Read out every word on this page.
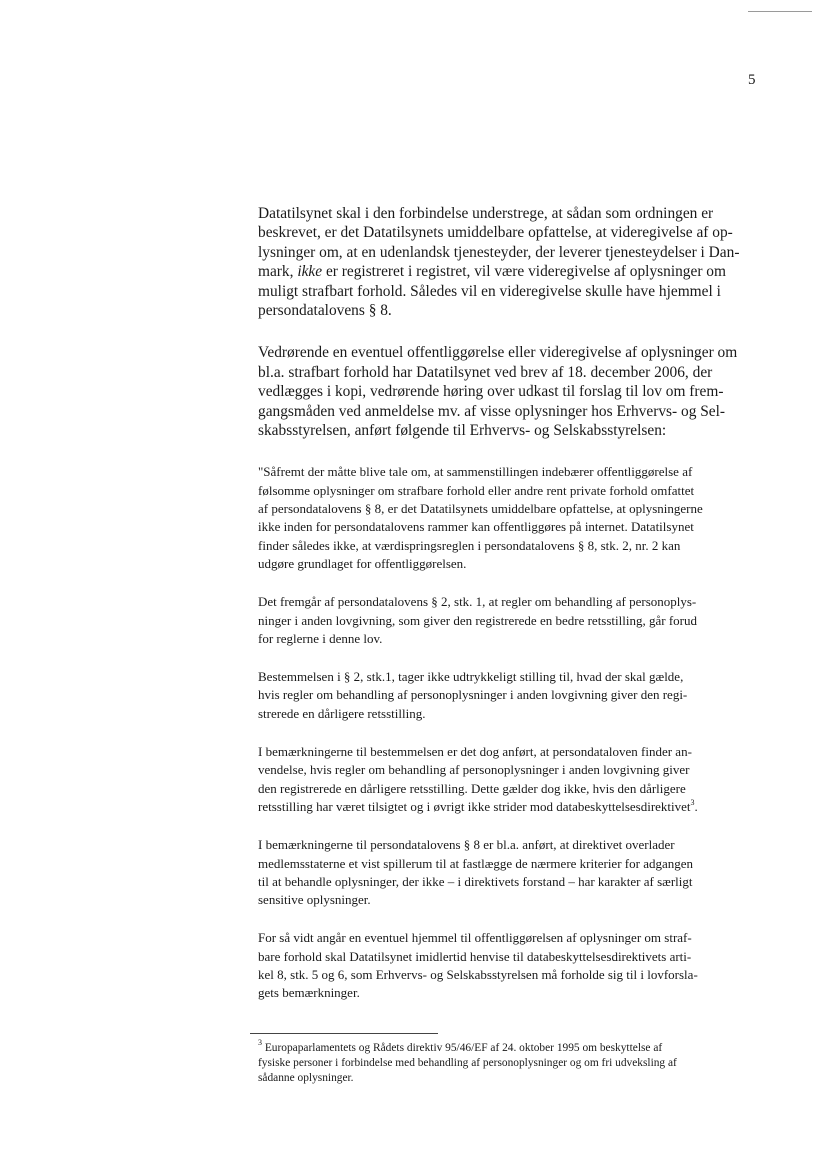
5

Datatilsynet skal i den forbindelse understrege, at sådan som ordningen er
beskrevet, er det Datatilsynets umiddelbare opfattelse, at videregivelse af op-
lysninger om, at en udenlandsk tjenesteyder, der leverer tjenesteydelser i Dan-
mark, ikke er registreret i registret, vil være videregivelse af oplysninger om
muligt strafbart forhold. Således vil en videregivelse skulle have hjemmel i
persondatalovens § 8.

Vedrørende en eventuel offentliggørelse eller videregivelse af oplysninger om
bl.a. strafbart forhold har Datatilsynet ved brev af 18. december 2006, der
vedlægges i kopi, vedrørende høring over udkast til forslag til lov om frem-
gangsmåden ved anmeldelse mv. af visse oplysninger hos Erhvervs- og Sel-
skabsstyrelsen, anført følgende til Erhvervs- og Selskabsstyrelsen:

"Såfremt der måtte blive tale om, at sammenstillingen indebærer offentliggørelse af
følsomme oplysninger om strafbare forhold eller andre rent private forhold omfattet
af persondatalovens § 8, er det Datatilsynets umiddelbare opfattelse, at oplysningerne
ikke inden for persondatalovens rammer kan offentliggøres på internet. Datatilsynet
finder således ikke, at værdispringsreglen i persondatalovens § 8, stk. 2, nr. 2 kan
udgøre grundlaget for offentliggørelsen.

Det fremgår af persondatalovens § 2, stk. 1, at regler om behandling af personoplys-
ninger i anden lovgivning, som giver den registrerede en bedre retsstilling, går forud
for reglerne i denne lov.

Bestemmelsen i § 2, stk.1, tager ikke udtrykkeligt stilling til, hvad der skal gælde,
hvis regler om behandling af personoplysninger i anden lovgivning giver den regi-
strerede en dårligere retsstilling.

I bemærkningerne til bestemmelsen er det dog anført, at persondataloven finder an-
vendelse, hvis regler om behandling af personoplysninger i anden lovgivning giver
den registrerede en dårligere retsstilling. Dette gælder dog ikke, hvis den dårligere
retsstilling har været tilsigtet og i øvrigt ikke strider mod databeskyttelsesdirektivet$^3$.

I bemærkningerne til persondatalovens § 8 er bl.a. anført, at direktivet overlader
medlemsstaterne et vist spillerum til at fastlægge de nærmere kriterier for adgangen
til at behandle oplysninger, der ikke – i direktivets forstand – har karakter af særligt
sensitive oplysninger.

For så vidt angår en eventuel hjemmel til offentliggørelsen af oplysninger om straf-
bare forhold skal Datatilsynet imidlertid henvise til databeskyttelsesdirektivets arti-
kel 8, stk. 5 og 6, som Erhvervs- og Selskabsstyrelsen må forholde sig til i lovforsla-
gets bemærkninger.

$^3$ Europaparlamentets og Rådets direktiv 95/46/EF af 24. oktober 1995 om beskyttelse af
fysiske personer i forbindelse med behandling af personoplysninger og om fri udveksling af
sådanne oplysninger.
